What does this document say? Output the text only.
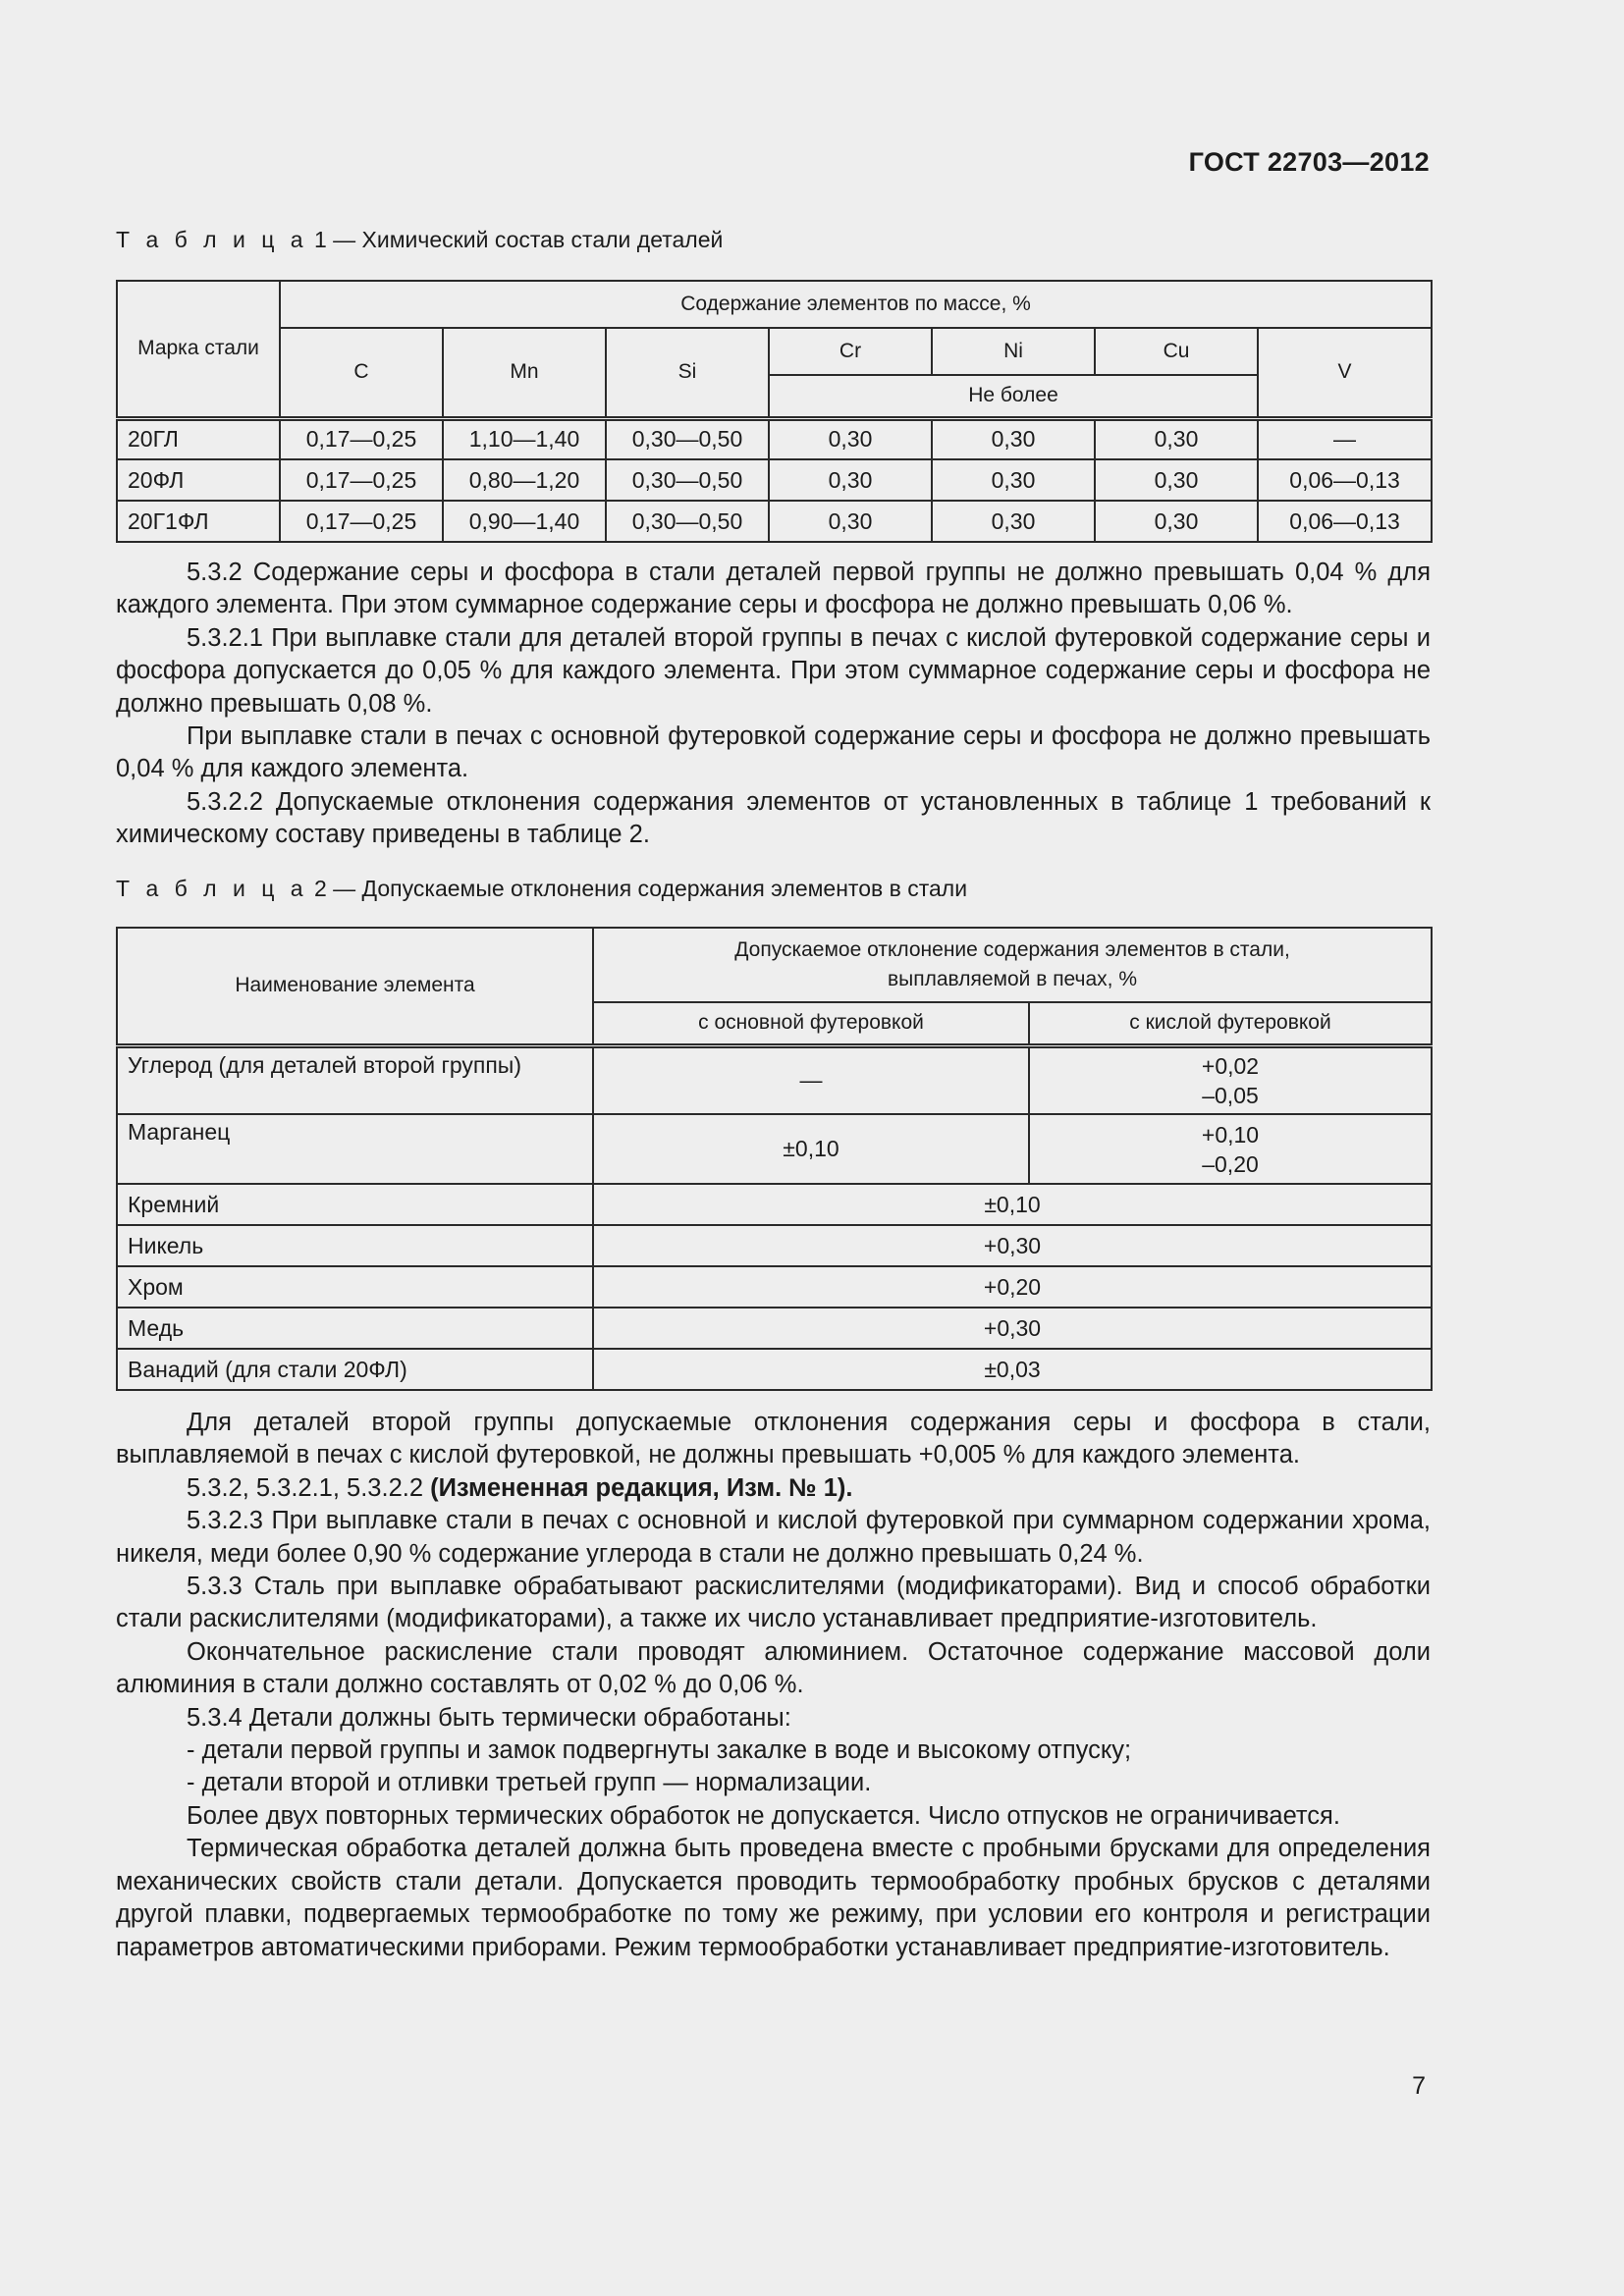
ГОСТ 22703—2012
Т а б л и ц а 1 — Химический состав стали деталей
Марка стали	Содержание элементов по массе, %						
	C	Mn	Si	Cr	Ni	Cu	V
				Не более			
20ГЛ	0,17—0,25	1,10—1,40	0,30—0,50	0,30	0,30	0,30	—
20ФЛ	0,17—0,25	0,80—1,20	0,30—0,50	0,30	0,30	0,30	0,06—0,13
20Г1ФЛ	0,17—0,25	0,90—1,40	0,30—0,50	0,30	0,30	0,30	0,06—0,13

5.3.2 Содержание серы и фосфора в стали деталей первой группы не должно превышать 0,04 % для каждого элемента. При этом суммарное содержание серы и фосфора не должно превышать 0,06 %.

5.3.2.1 При выплавке стали для деталей второй группы в печах с кислой футеровкой содержание серы и фосфора допускается до 0,05 % для каждого элемента. При этом суммарное содержание серы и фосфора не должно превышать 0,08 %.

При выплавке стали в печах с основной футеровкой содержание серы и фосфора не должно превышать 0,04 % для каждого элемента.

5.3.2.2 Допускаемые отклонения содержания элементов от установленных в таблице 1 требований к химическому составу приведены в таблице 2.

Т а б л и ц а 2 — Допускаемые отклонения содержания элементов в стали
Наименование элемента	Допускаемое отклонение содержания элементов в стали,
выплавляемой в печах, %	

	с основной футеровкой	с кислой футеровкой
Углерод (для деталей второй группы)	—	+0,02
–0,05

Марганец	±0,10	+0,10
–0,20

Кремний	±0,10	
Никель	+0,30	
Хром	+0,20	
Медь	+0,30	
Ванадий (для стали 20ФЛ)	±0,03	

Для деталей второй группы допускаемые отклонения содержания серы и фосфора в стали, выплавляемой в печах с кислой футеровкой, не должны превышать +0,005 % для каждого элемента.

5.3.2, 5.3.2.1, 5.3.2.2 (Измененная редакция, Изм. № 1).

5.3.2.3 При выплавке стали в печах с основной и кислой футеровкой при суммарном содержании хрома, никеля, меди более 0,90 % содержание углерода в стали не должно превышать 0,24 %.

5.3.3 Сталь при выплавке обрабатывают раскислителями (модификаторами). Вид и способ обработки стали раскислителями (модификаторами), а также их число устанавливает предприятие-изготовитель.

Окончательное раскисление стали проводят алюминием. Остаточное содержание массовой доли алюминия в стали должно составлять от 0,02 % до 0,06 %.

5.3.4 Детали должны быть термически обработаны:

- детали первой группы и замок подвергнуты закалке в воде и высокому отпуску;

- детали второй и отливки третьей групп — нормализации.

Более двух повторных термических обработок не допускается. Число отпусков не ограничивается.

Термическая обработка деталей должна быть проведена вместе с пробными брусками для определения механических свойств стали детали. Допускается проводить термообработку пробных брусков с деталями другой плавки, подвергаемых термообработке по тому же режиму, при условии его контроля и регистрации параметров автоматическими приборами. Режим термообработки устанавливает предприятие-изготовитель.

7
